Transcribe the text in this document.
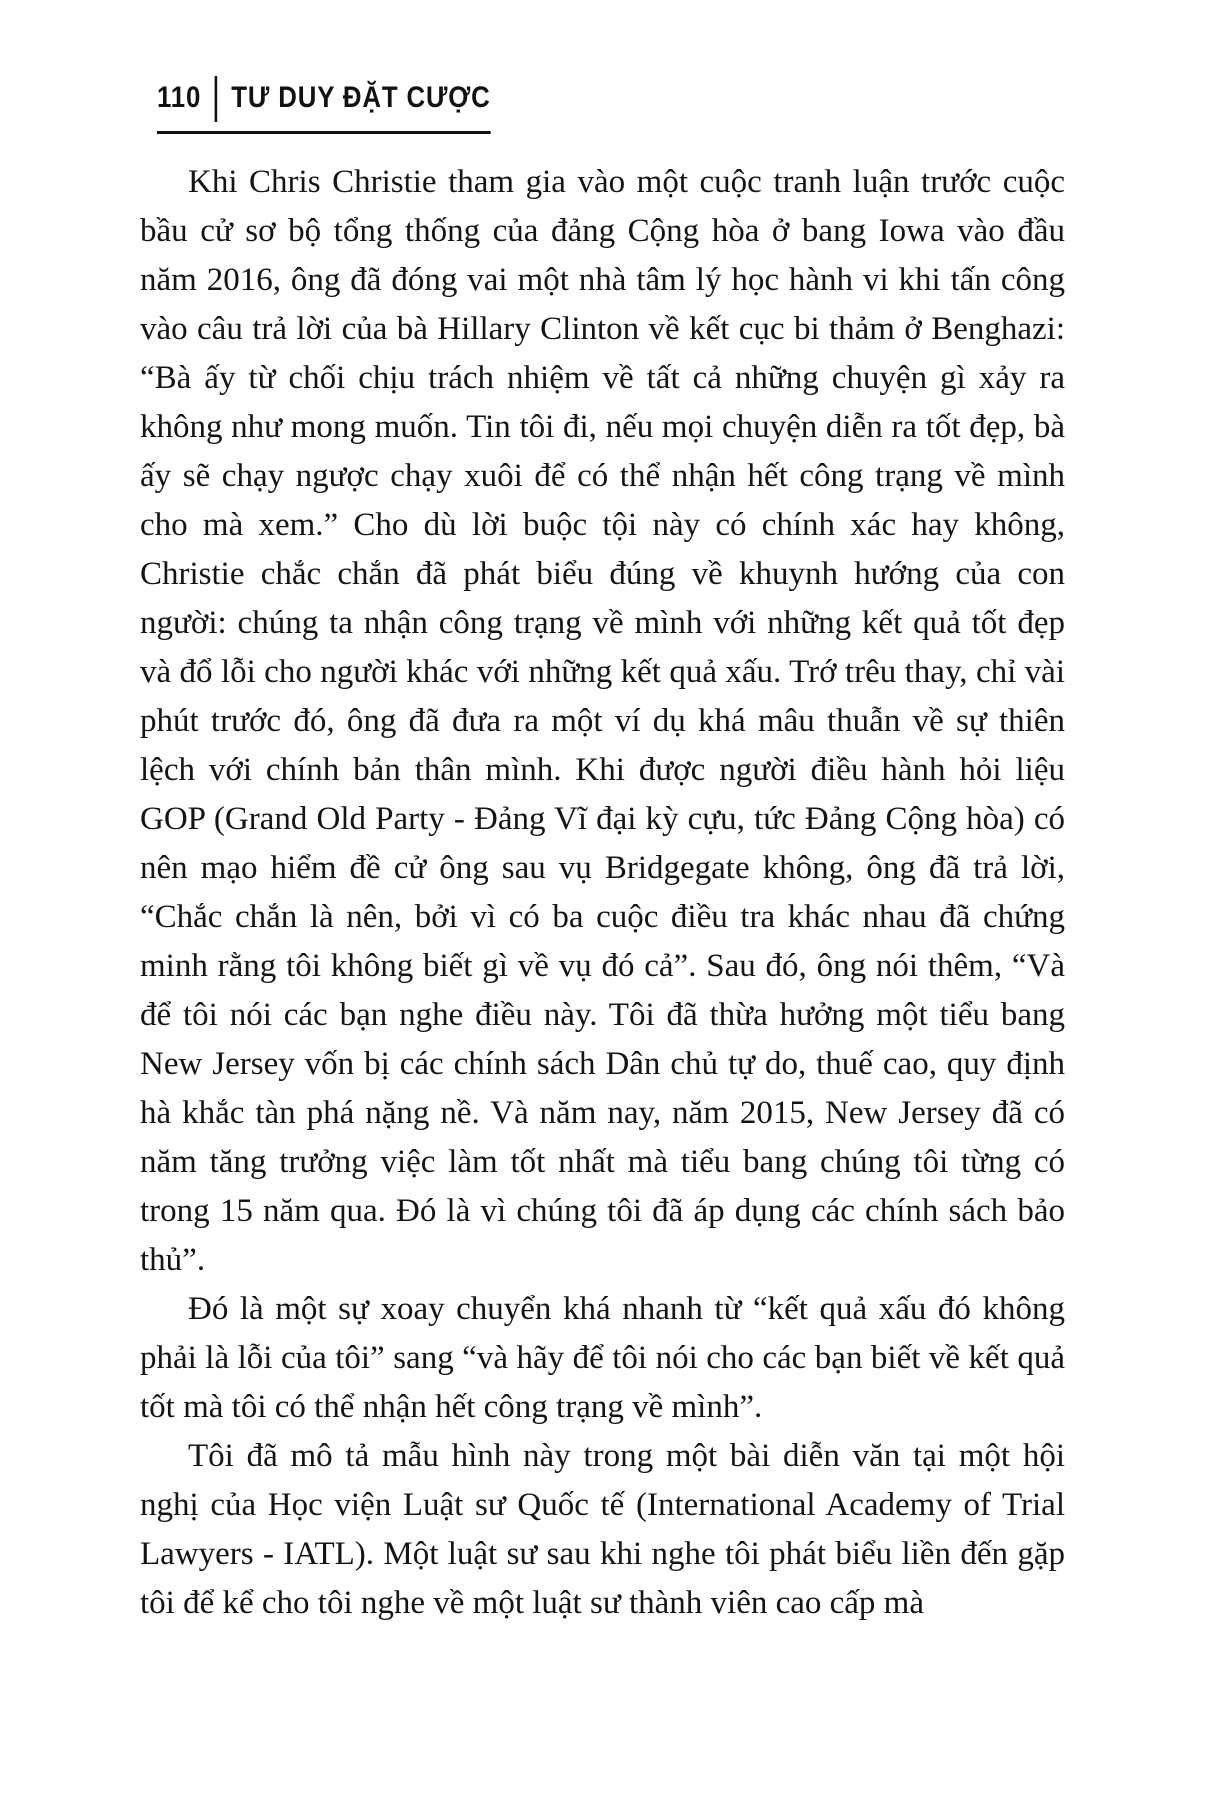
110 TƯ DUY ĐẶT CƯỢC

Khi Chris Christie tham gia vào một cuộc tranh luận trước cuộc bầu cử sơ bộ tổng thống của đảng Cộng hòa ở bang Iowa vào đầu năm 2016, ông đã đóng vai một nhà tâm lý học hành vi khi tấn công vào câu trả lời của bà Hillary Clinton về kết cục bi thảm ở Benghazi: “Bà ấy từ chối chịu trách nhiệm về tất cả những chuyện gì xảy ra không như mong muốn. Tin tôi đi, nếu mọi chuyện diễn ra tốt đẹp, bà ấy sẽ chạy ngược chạy xuôi để có thể nhận hết công trạng về mình cho mà xem.” Cho dù lời buộc tội này có chính xác hay không, Christie chắc chắn đã phát biểu đúng về khuynh hướng của con người: chúng ta nhận công trạng về mình với những kết quả tốt đẹp và đổ lỗi cho người khác với những kết quả xấu. Trớ trêu thay, chỉ vài phút trước đó, ông đã đưa ra một ví dụ khá mâu thuẫn về sự thiên lệch với chính bản thân mình. Khi được người điều hành hỏi liệu GOP (Grand Old Party - Đảng Vĩ đại kỳ cựu, tức Đảng Cộng hòa) có nên mạo hiểm đề cử ông sau vụ Bridgegate không, ông đã trả lời, “Chắc chắn là nên, bởi vì có ba cuộc điều tra khác nhau đã chứng minh rằng tôi không biết gì về vụ đó cả”. Sau đó, ông nói thêm, “Và để tôi nói các bạn nghe điều này. Tôi đã thừa hưởng một tiểu bang New Jersey vốn bị các chính sách Dân chủ tự do, thuế cao, quy định hà khắc tàn phá nặng nề. Và năm nay, năm 2015, New Jersey đã có năm tăng trưởng việc làm tốt nhất mà tiểu bang chúng tôi từng có trong 15 năm qua. Đó là vì chúng tôi đã áp dụng các chính sách bảo thủ”.

Đó là một sự xoay chuyển khá nhanh từ “kết quả xấu đó không phải là lỗi của tôi” sang “và hãy để tôi nói cho các bạn biết về kết quả tốt mà tôi có thể nhận hết công trạng về mình”.

Tôi đã mô tả mẫu hình này trong một bài diễn văn tại một hội nghị của Học viện Luật sư Quốc tế (International Academy of Trial Lawyers - IATL). Một luật sư sau khi nghe tôi phát biểu liền đến gặp tôi để kể cho tôi nghe về một luật sư thành viên cao cấp mà
